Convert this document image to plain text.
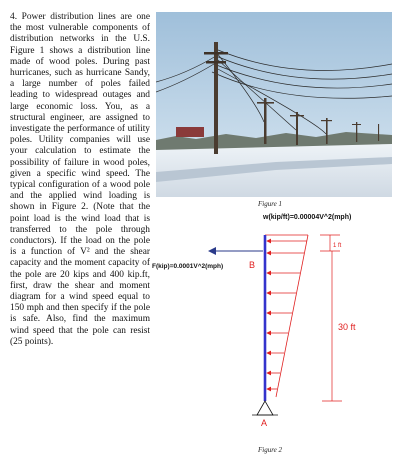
4. Power distribution lines are one the most vulnerable components of distribution networks in the U.S. Figure 1 shows a distribution line made of wood poles. During past hurricanes, such as hurricane Sandy, a large number of poles failed leading to widespread outages and large economic loss. You, as a structural engineer, are assigned to investigate the performance of utility poles. Utility companies will use your calculation to estimate the possibility of failure in wood poles, given a specific wind speed. The typical configuration of a wood pole and the applied wind loading is shown in Figure 2. (Note that the point load is the wind load that is transferred to the pole through conductors). If the load on the pole is a function of V² and the shear capacity and the moment capacity of the pole are 20 kips and 400 kip.ft, first, draw the shear and moment diagram for a wind speed equal to 150 mph and then specify if the pole is safe. Also, find the maximum wind speed that the pole can resist (25 points).

Figure 1
w(kip/ft)=0.00004V^2(mph)
F(kip)=0.0001V^2(mph)	B
1 ft
30 ft
A
Figure 2
